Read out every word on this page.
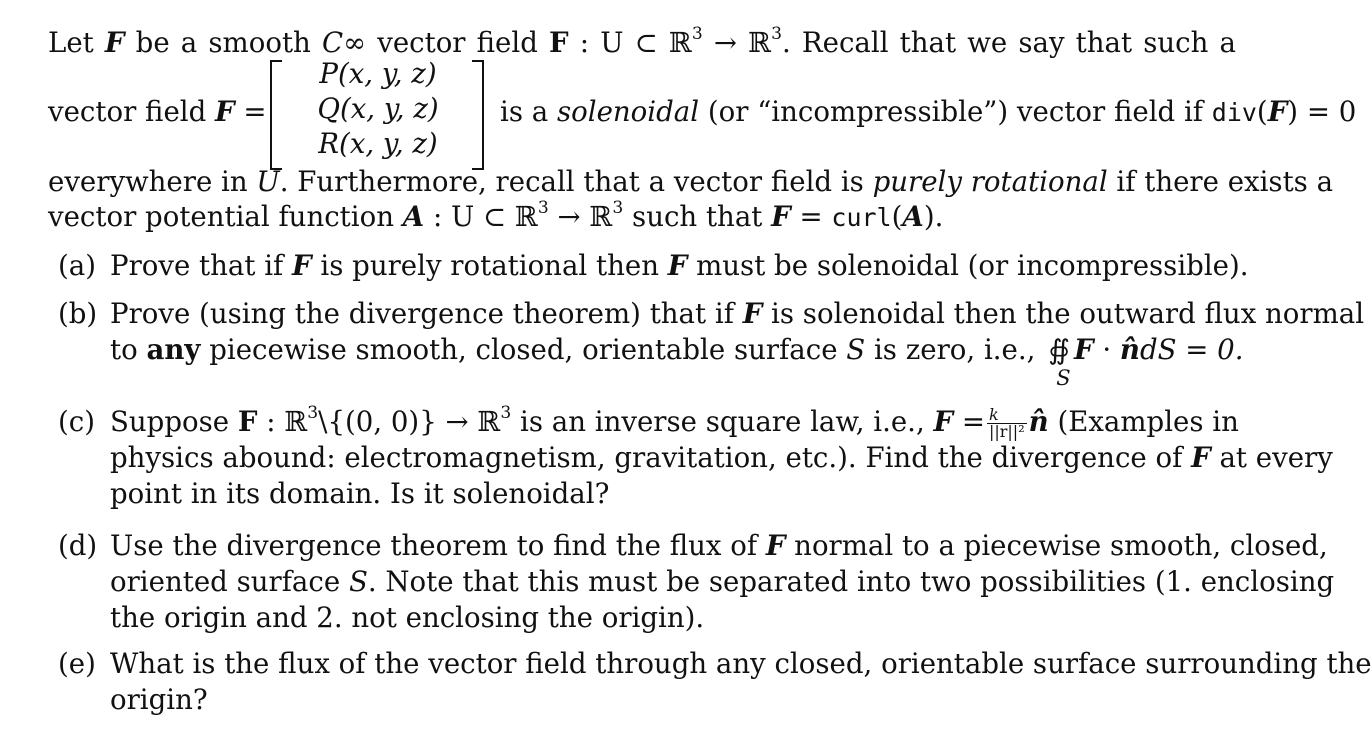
Let F be a smooth C∞ vector field F : U ⊂ ℝ$^3$ → ℝ$^3$. Recall that we say that such a
vector field F =
P(x, y, z)
Q(x, y, z)
R(x, y, z)
is a solenoidal (or “incompressible”) vector field if div(F) = 0
everywhere in U. Furthermore, recall that a vector field is purely rotational if there exists a
vector potential function A : U ⊂ ℝ$^3$ → ℝ$^3$ such that F = curl(A).
(a) Prove that if F is purely rotational then F must be solenoidal (or incompressible).
(b) Prove (using the divergence theorem) that if F is solenoidal then the outward flux normal
to any piecewise smooth, closed, orientable surface S is zero, i.e., ∯
S
F · n̂dS = 0.
(c) Suppose F : ℝ$^3$\{(0, 0)} → ℝ$^3$ is an inverse square law, i.e., $F = \frac{k}{\text{||r||²}}$ n̂ (Examples in
physics abound: electromagnetism, gravitation, etc.). Find the divergence of F at every
point in its domain. Is it solenoidal?
(d) Use the divergence theorem to find the flux of F normal to a piecewise smooth, closed,
oriented surface S. Note that this must be separated into two possibilities (1. enclosing
the origin and 2. not enclosing the origin).
(e) What is the flux of the vector field through any closed, orientable surface surrounding the
origin?
